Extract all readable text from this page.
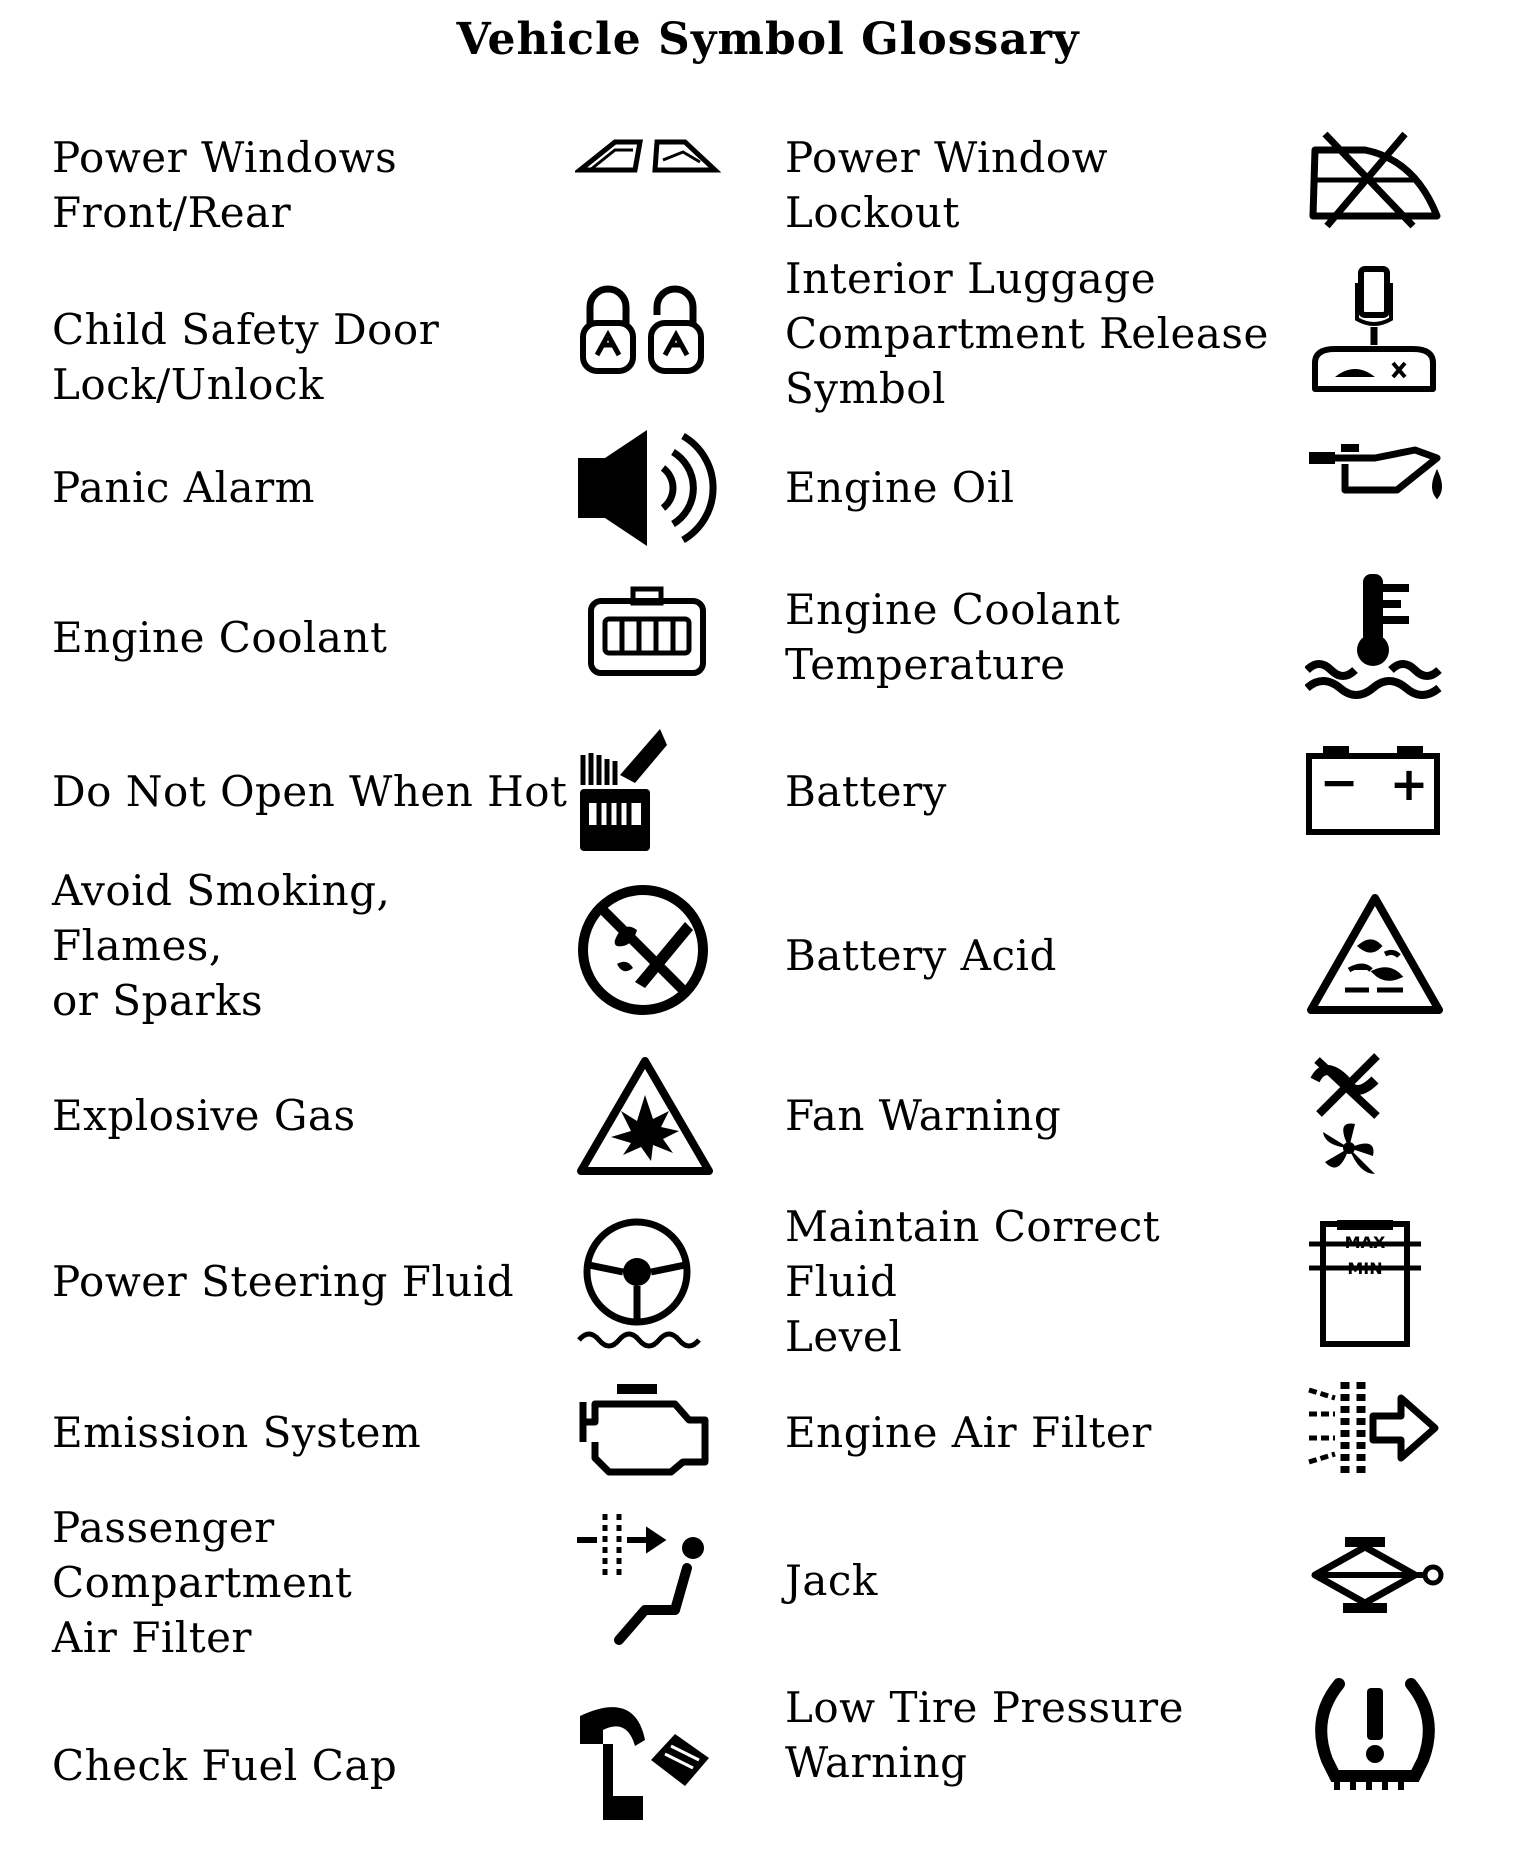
Vehicle Symbol Glossary
Power Windows
Front/Rear
Child Safety Door
Lock/Unlock
Panic Alarm
Engine Coolant
Do Not Open When Hot
Avoid Smoking, Flames,
or Sparks
Explosive Gas
Power Steering Fluid
Emission System
Passenger Compartment
Air Filter
Check Fuel Cap
Power Window Lockout
Interior Luggage
Compartment Release
Symbol
Engine Oil
Engine Coolant
Temperature
Battery	− +
Battery Acid
Fan Warning
Maintain Correct Fluid
Level
MAX
MIN
Engine Air Filter
Jack
Low Tire Pressure
Warning
